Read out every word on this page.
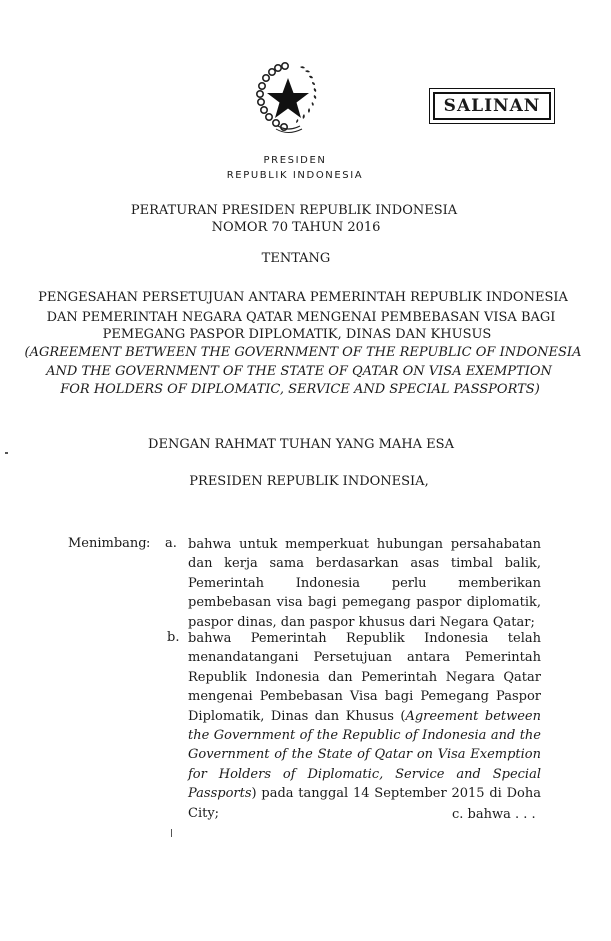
SALINAN
PRESIDEN
REPUBLIK INDONESIA
PERATURAN PRESIDEN REPUBLIK INDONESIA
NOMOR 70 TAHUN 2016
TENTANG
PENGESAHAN PERSETUJUAN ANTARA PEMERINTAH REPUBLIK INDONESIA
DAN PEMERINTAH NEGARA QATAR MENGENAI PEMBEBASAN VISA BAGI
PEMEGANG PASPOR DIPLOMATIK, DINAS DAN KHUSUS
(AGREEMENT BETWEEN THE GOVERNMENT OF THE REPUBLIC OF INDONESIA
AND THE GOVERNMENT OF THE STATE OF QATAR ON VISA EXEMPTION
FOR HOLDERS OF DIPLOMATIC, SERVICE AND SPECIAL PASSPORTS)
DENGAN RAHMAT TUHAN YANG MAHA ESA
PRESIDEN REPUBLIK INDONESIA,
Menimbang : a. bahwa untuk memperkuat hubungan persahabatan dan kerja sama berdasarkan asas timbal balik, Pemerintah Indonesia perlu memberikan pembebasan visa bagi pemegang paspor diplomatik, paspor dinas, dan paspor khusus dari Negara Qatar;
b. bahwa Pemerintah Republik Indonesia telah menandatangani Persetujuan antara Pemerintah Republik Indonesia dan Pemerintah Negara Qatar mengenai Pembebasan Visa bagi Pemegang Paspor Diplomatik, Dinas dan Khusus (Agreement between the Government of the Republic of Indonesia and the Government of the State of Qatar on Visa Exemption for Holders of Diplomatic, Service and Special Passports) pada tanggal 14 September 2015 di Doha City;	c. bahwa . . .
